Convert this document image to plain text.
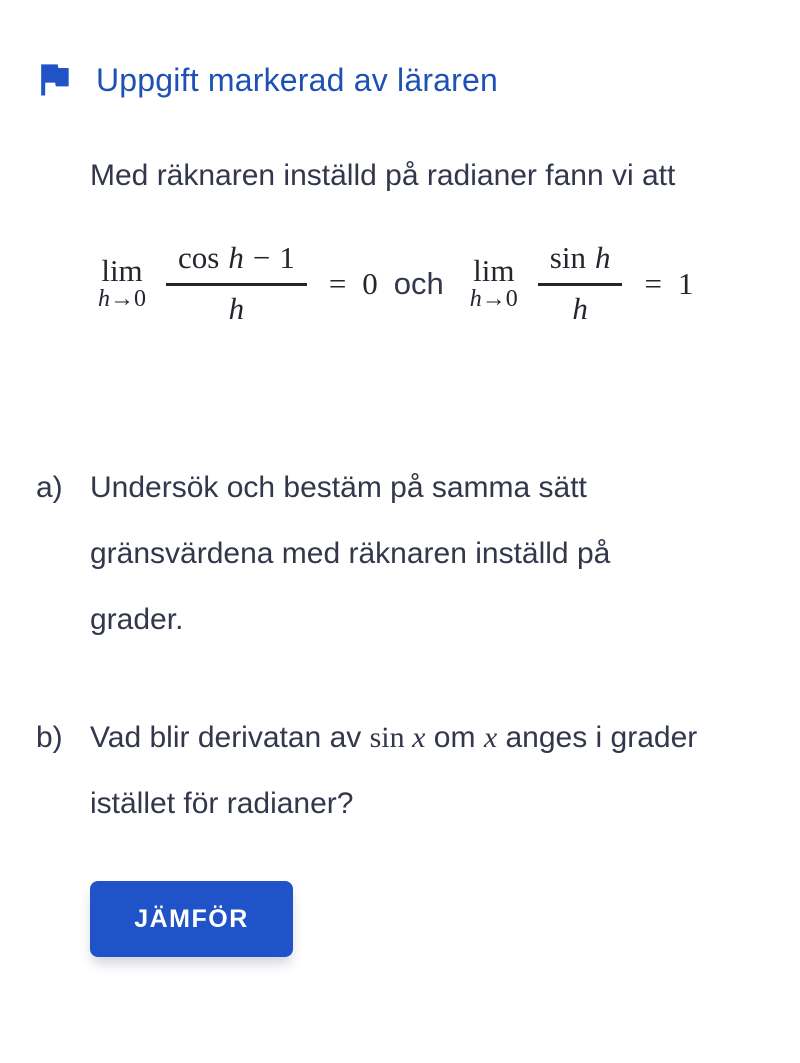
Uppgift markerad av läraren
Med räknaren inställd på radianer fann vi att
lim
$h \to 0 \frac{\text{cos h − 1}}{h} = 0$ och lim
$h \to 0 \frac{\text{sin h}}{h} = 1$
a) Undersök och bestäm på samma sätt
gränsvärdena med räknaren inställd på
grader.
b) Vad blir derivatan av sin x om x anges i grader
istället för radianer?
JÄMFÖR
